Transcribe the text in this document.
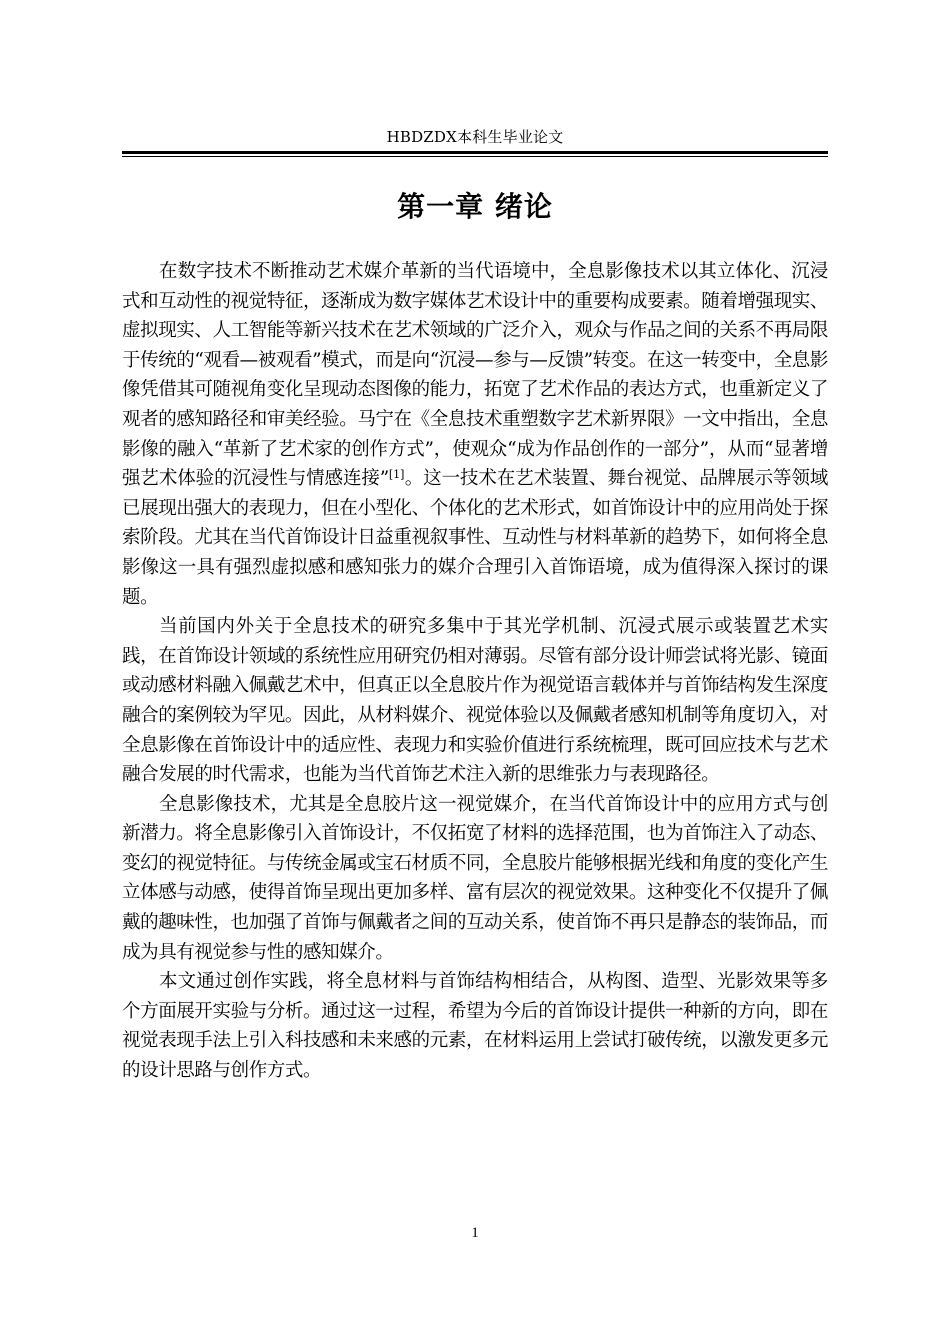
HBDZDX本科生毕业论文
第一章 绪论

在数字技术不断推动艺术媒介革新的当代语境中，全息影像技术以其立体化、沉浸式和互动性的视觉特征，逐渐成为数字媒体艺术设计中的重要构成要素。随着增强现实、虚拟现实、人工智能等新兴技术在艺术领域的广泛介入，观众与作品之间的关系不再局限于传统的“观看—被观看”模式，而是向“沉浸—参与—反馈”转变。在这一转变中，全息影像凭借其可随视角变化呈现动态图像的能力，拓宽了艺术作品的表达方式，也重新定义了观者的感知路径和审美经验。马宁在《全息技术重塑数字艺术新界限》一文中指出，全息影像的融入“革新了艺术家的创作方式”，使观众“成为作品创作的一部分”，从而“显著增强艺术体验的沉浸性与情感连接”[1]。这一技术在艺术装置、舞台视觉、品牌展示等领域已展现出强大的表现力，但在小型化、个体化的艺术形式，如首饰设计中的应用尚处于探索阶段。尤其在当代首饰设计日益重视叙事性、互动性与材料革新的趋势下，如何将全息影像这一具有强烈虚拟感和感知张力的媒介合理引入首饰语境，成为值得深入探讨的课题。

当前国内外关于全息技术的研究多集中于其光学机制、沉浸式展示或装置艺术实践，在首饰设计领域的系统性应用研究仍相对薄弱。尽管有部分设计师尝试将光影、镜面或动感材料融入佩戴艺术中，但真正以全息胶片作为视觉语言载体并与首饰结构发生深度融合的案例较为罕见。因此，从材料媒介、视觉体验以及佩戴者感知机制等角度切入，对全息影像在首饰设计中的适应性、表现力和实验价值进行系统梳理，既可回应技术与艺术融合发展的时代需求，也能为当代首饰艺术注入新的思维张力与表现路径。

全息影像技术，尤其是全息胶片这一视觉媒介，在当代首饰设计中的应用方式与创新潜力。将全息影像引入首饰设计，不仅拓宽了材料的选择范围，也为首饰注入了动态、变幻的视觉特征。与传统金属或宝石材质不同，全息胶片能够根据光线和角度的变化产生立体感与动感，使得首饰呈现出更加多样、富有层次的视觉效果。这种变化不仅提升了佩戴的趣味性，也加强了首饰与佩戴者之间的互动关系，使首饰不再只是静态的装饰品，而成为具有视觉参与性的感知媒介。

本文通过创作实践，将全息材料与首饰结构相结合，从构图、造型、光影效果等多个方面展开实验与分析。通过这一过程，希望为今后的首饰设计提供一种新的方向，即在视觉表现手法上引入科技感和未来感的元素，在材料运用上尝试打破传统，以激发更多元的设计思路与创作方式。

1
